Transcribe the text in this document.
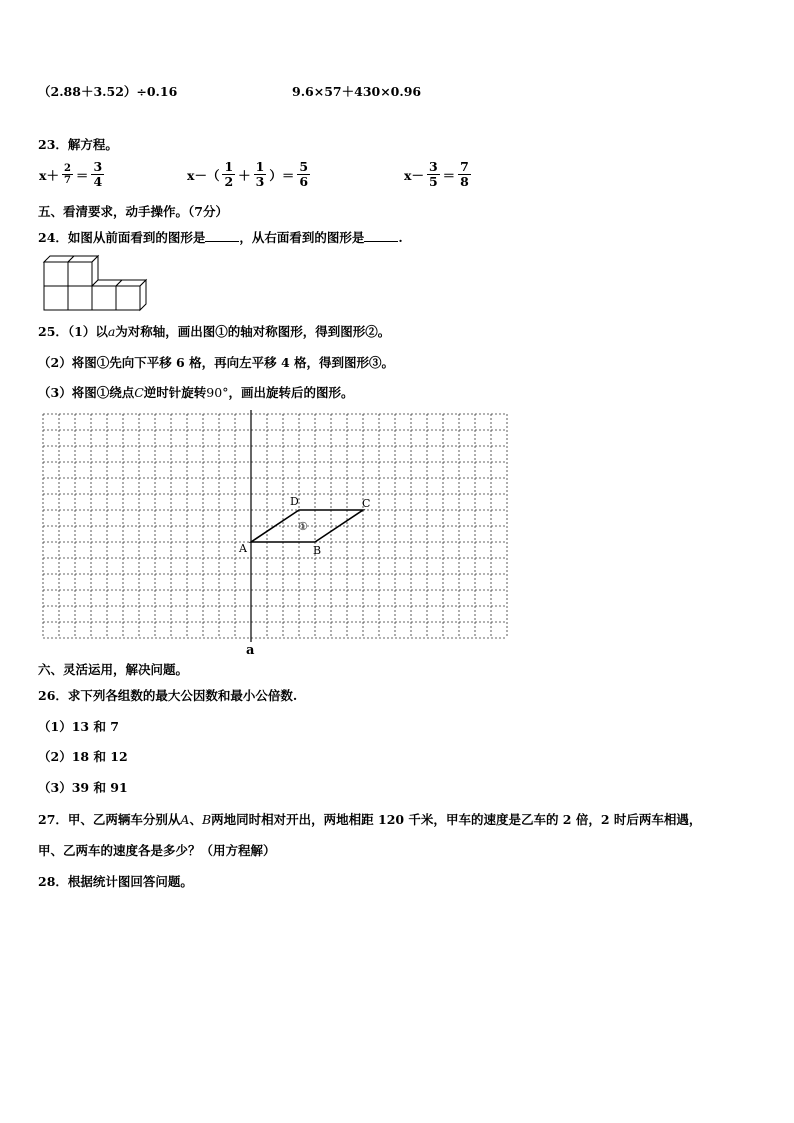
（2.88＋3.52）÷0.16	9.6×57＋430×0.96
23．解方程。
$x+ \frac{2}{7} = \frac{3}{4}$	$x-( \frac{1}{2} + \frac{1}{3}$ ）＝ $\frac{5}{6}$	$x- \frac{3}{5} = \frac{7}{8}$
五、看清要求，动手操作。（7分）
24．如图从前面看到的图形是	，从右面看到的图形是	.
25．（1）以a为对称轴，画出图①的轴对称图形，得到图形②。
（2）将图①先向下平移 6 格，再向左平移 4 格，得到图形③。
（3）将图①绕点C逆时针旋转90°，画出旋转后的图形。
A	B
C
D
①
a
六、灵活运用，解决问题。
26．求下列各组数的最大公因数和最小公倍数.
（1）13 和 7
（2）18 和 12
（3）39 和 91
27．甲、乙两辆车分别从A、B两地同时相对开出，两地相距 120 千米，甲车的速度是乙车的 2 倍，2 时后两车相遇，
甲、乙两车的速度各是多少？（用方程解）
28．根据统计图回答问题。
